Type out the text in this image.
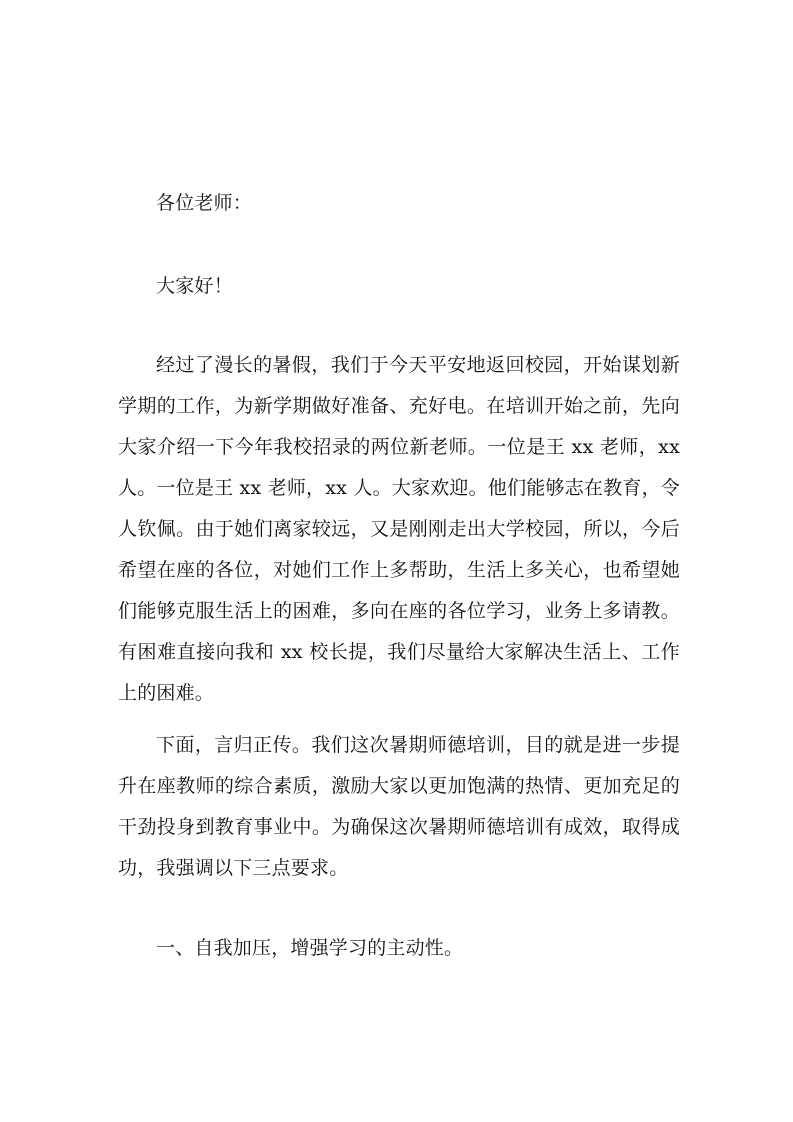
各位老师：

大家好！

经过了漫长的暑假，我们于今天平安地返回校园，开始谋划新学期的工作，为新学期做好准备、充好电。在培训开始之前，先向大家介绍一下今年我校招录的两位新老师。一位是王 xx 老师，xx 人。一位是王 xx 老师，xx 人。大家欢迎。他们能够志在教育，令人钦佩。由于她们离家较远，又是刚刚走出大学校园，所以，今后希望在座的各位，对她们工作上多帮助，生活上多关心，也希望她们能够克服生活上的困难，多向在座的各位学习，业务上多请教。有困难直接向我和 xx 校长提，我们尽量给大家解决生活上、工作上的困难。

下面，言归正传。我们这次暑期师德培训，目的就是进一步提升在座教师的综合素质，激励大家以更加饱满的热情、更加充足的干劲投身到教育事业中。为确保这次暑期师德培训有成效，取得成功，我强调以下三点要求。

一、自我加压，增强学习的主动性。
